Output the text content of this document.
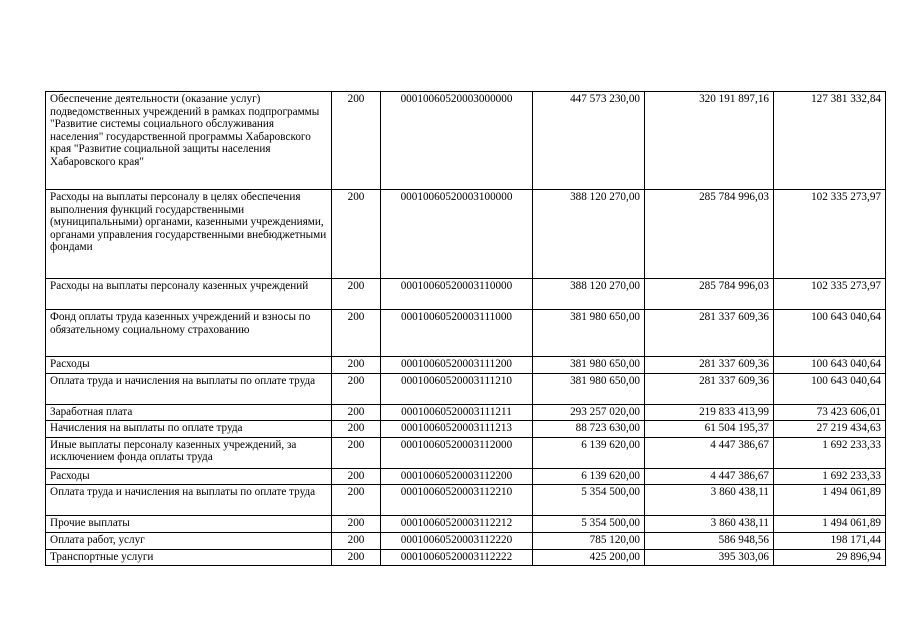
Обеспечение деятельности (оказание услуг) подведомственных учреждений в рамках подпрограммы "Развитие системы социального обслуживания населения" государственной программы Хабаровского края "Развитие социальной защиты населения Хабаровского края"	200	00010060520003000000	447 573 230,00	320 191 897,16	127 381 332,84
Расходы на выплаты персоналу в целях обеспечения выполнения функций государственными (муниципальными) органами, казенными учреждениями, органами управления государственными внебюджетными фондами	200	00010060520003100000	388 120 270,00	285 784 996,03	102 335 273,97
Расходы на выплаты персоналу казенных учреждений	200	00010060520003110000	388 120 270,00	285 784 996,03	102 335 273,97
Фонд оплаты труда казенных учреждений и взносы по обязательному социальному страхованию	200	00010060520003111000	381 980 650,00	281 337 609,36	100 643 040,64
Расходы	200	00010060520003111200	381 980 650,00	281 337 609,36	100 643 040,64
Оплата труда и начисления на выплаты по оплате труда	200	00010060520003111210	381 980 650,00	281 337 609,36	100 643 040,64
Заработная плата	200	00010060520003111211	293 257 020,00	219 833 413,99	73 423 606,01
Начисления на выплаты по оплате труда	200	00010060520003111213	88 723 630,00	61 504 195,37	27 219 434,63
Иные выплаты персоналу казенных учреждений, за исключением фонда оплаты труда	200	00010060520003112000	6 139 620,00	4 447 386,67	1 692 233,33
Расходы	200	00010060520003112200	6 139 620,00	4 447 386,67	1 692 233,33
Оплата труда и начисления на выплаты по оплате труда	200	00010060520003112210	5 354 500,00	3 860 438,11	1 494 061,89
Прочие выплаты	200	00010060520003112212	5 354 500,00	3 860 438,11	1 494 061,89
Оплата работ, услуг	200	00010060520003112220	785 120,00	586 948,56	198 171,44
Транспортные услуги	200	00010060520003112222	425 200,00	395 303,06	29 896,94
